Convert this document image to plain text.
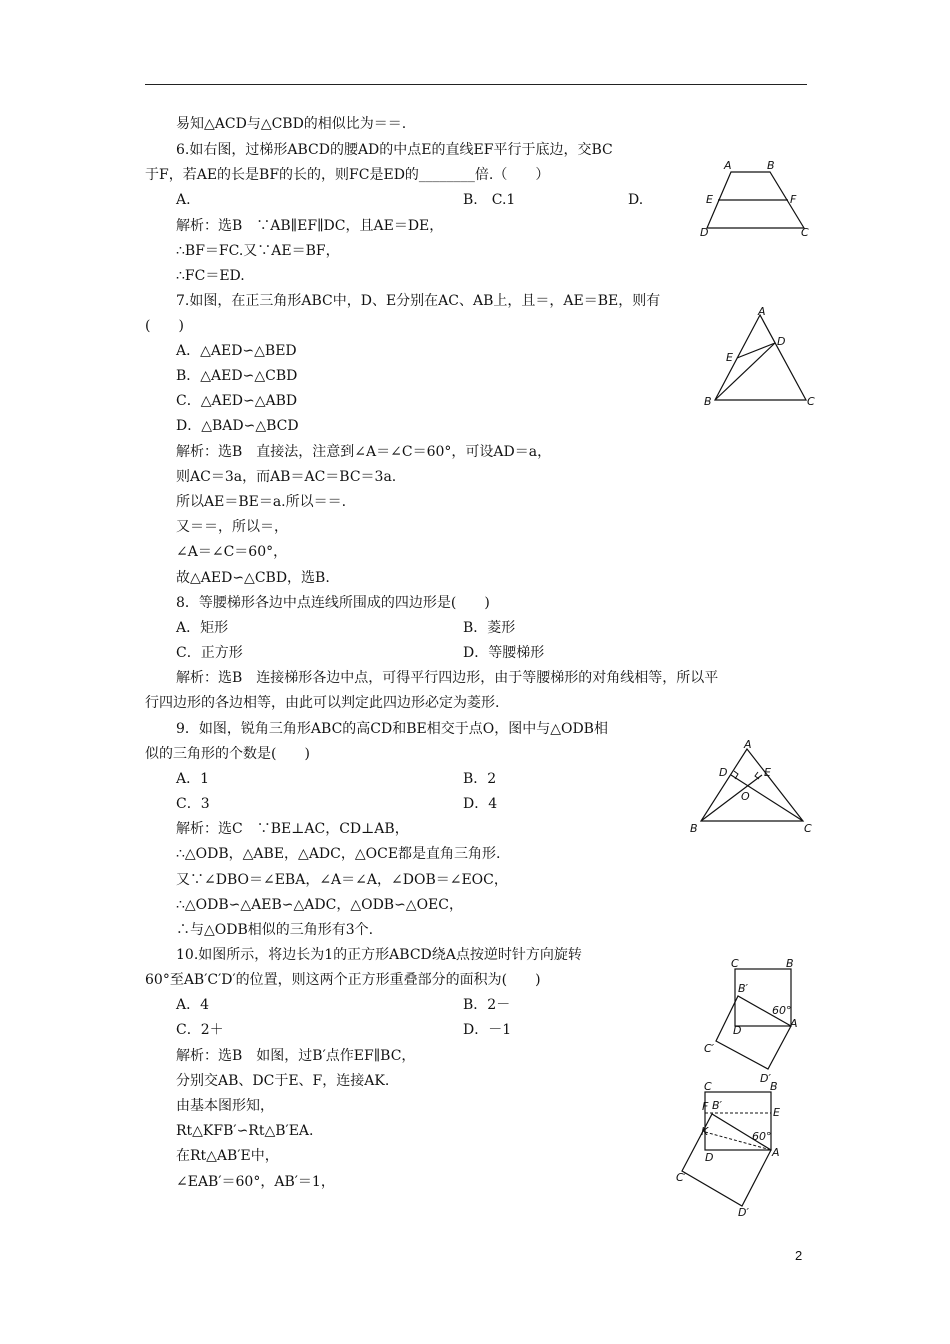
易知△ACD与△CBD的相似比为＝＝.
6.如右图，过梯形ABCD的腰AD的中点E的直线EF平行于底边，交BC
于F，若AE的长是BF的长的，则FC是ED的________倍.（　　）
A.	B.　C.1	D.
解析：选B　∵AB∥EF∥DC，且AE＝DE，
∴BF＝FC.又∵AE＝BF，
∴FC＝ED.
7.如图，在正三角形ABC中，D、E分别在AC、AB上，且＝，AE＝BE，则有
(　　)
A．△AED∽△BED
B．△AED∽△CBD
C．△AED∽△ABD
D．△BAD∽△BCD
解析：选B　直接法，注意到∠A＝∠C＝60°，可设AD＝a，
则AC＝3a，而AB＝AC＝BC＝3a.
所以AE＝BE＝a.所以＝＝.
又＝＝，所以＝，
∠A＝∠C＝60°，
故△AED∽△CBD，选B.
8．等腰梯形各边中点连线所围成的四边形是(　　)
A．矩形	B．菱形
C．正方形	D．等腰梯形
解析：选B　连接梯形各边中点，可得平行四边形，由于等腰梯形的对角线相等，所以平
行四边形的各边相等，由此可以判定此四边形必定为菱形.
9．如图，锐角三角形ABC的高CD和BE相交于点O，图中与△ODB相
似的三角形的个数是(　　)
A．1	B．2
C．3	D．4
解析：选C　∵BE⊥AC，CD⊥AB，
∴△ODB，△ABE，△ADC，△OCE都是直角三角形.
又∵∠DBO＝∠EBA，∠A＝∠A，∠DOB＝∠EOC，
∴△ODB∽△AEB∽△ADC，△ODB∽△OEC，
∴与△ODB相似的三角形有3个.
10.如图所示，将边长为1的正方形ABCD绕A点按逆时针方向旋转
60°至AB′C′D′的位置，则这两个正方形重叠部分的面积为(　　)
A．4	B．2－
C．2＋	D．－1
解析：选B　如图，过B′点作EF∥BC，
分别交AB、DC于E、F，连接AK.
由基本图形知，
Rt△KFB′∽Rt△B′EA.
在Rt△AB′E中，
∠EAB′＝60°，AB′＝1，
A	B
E	F
D	C
A
D
E
B	C
A
D	E
O
B	C
C	B
B′
60°
D
A
C′
D′
C	B
F B′
E
K	60°
D	A
C′
D′
2
